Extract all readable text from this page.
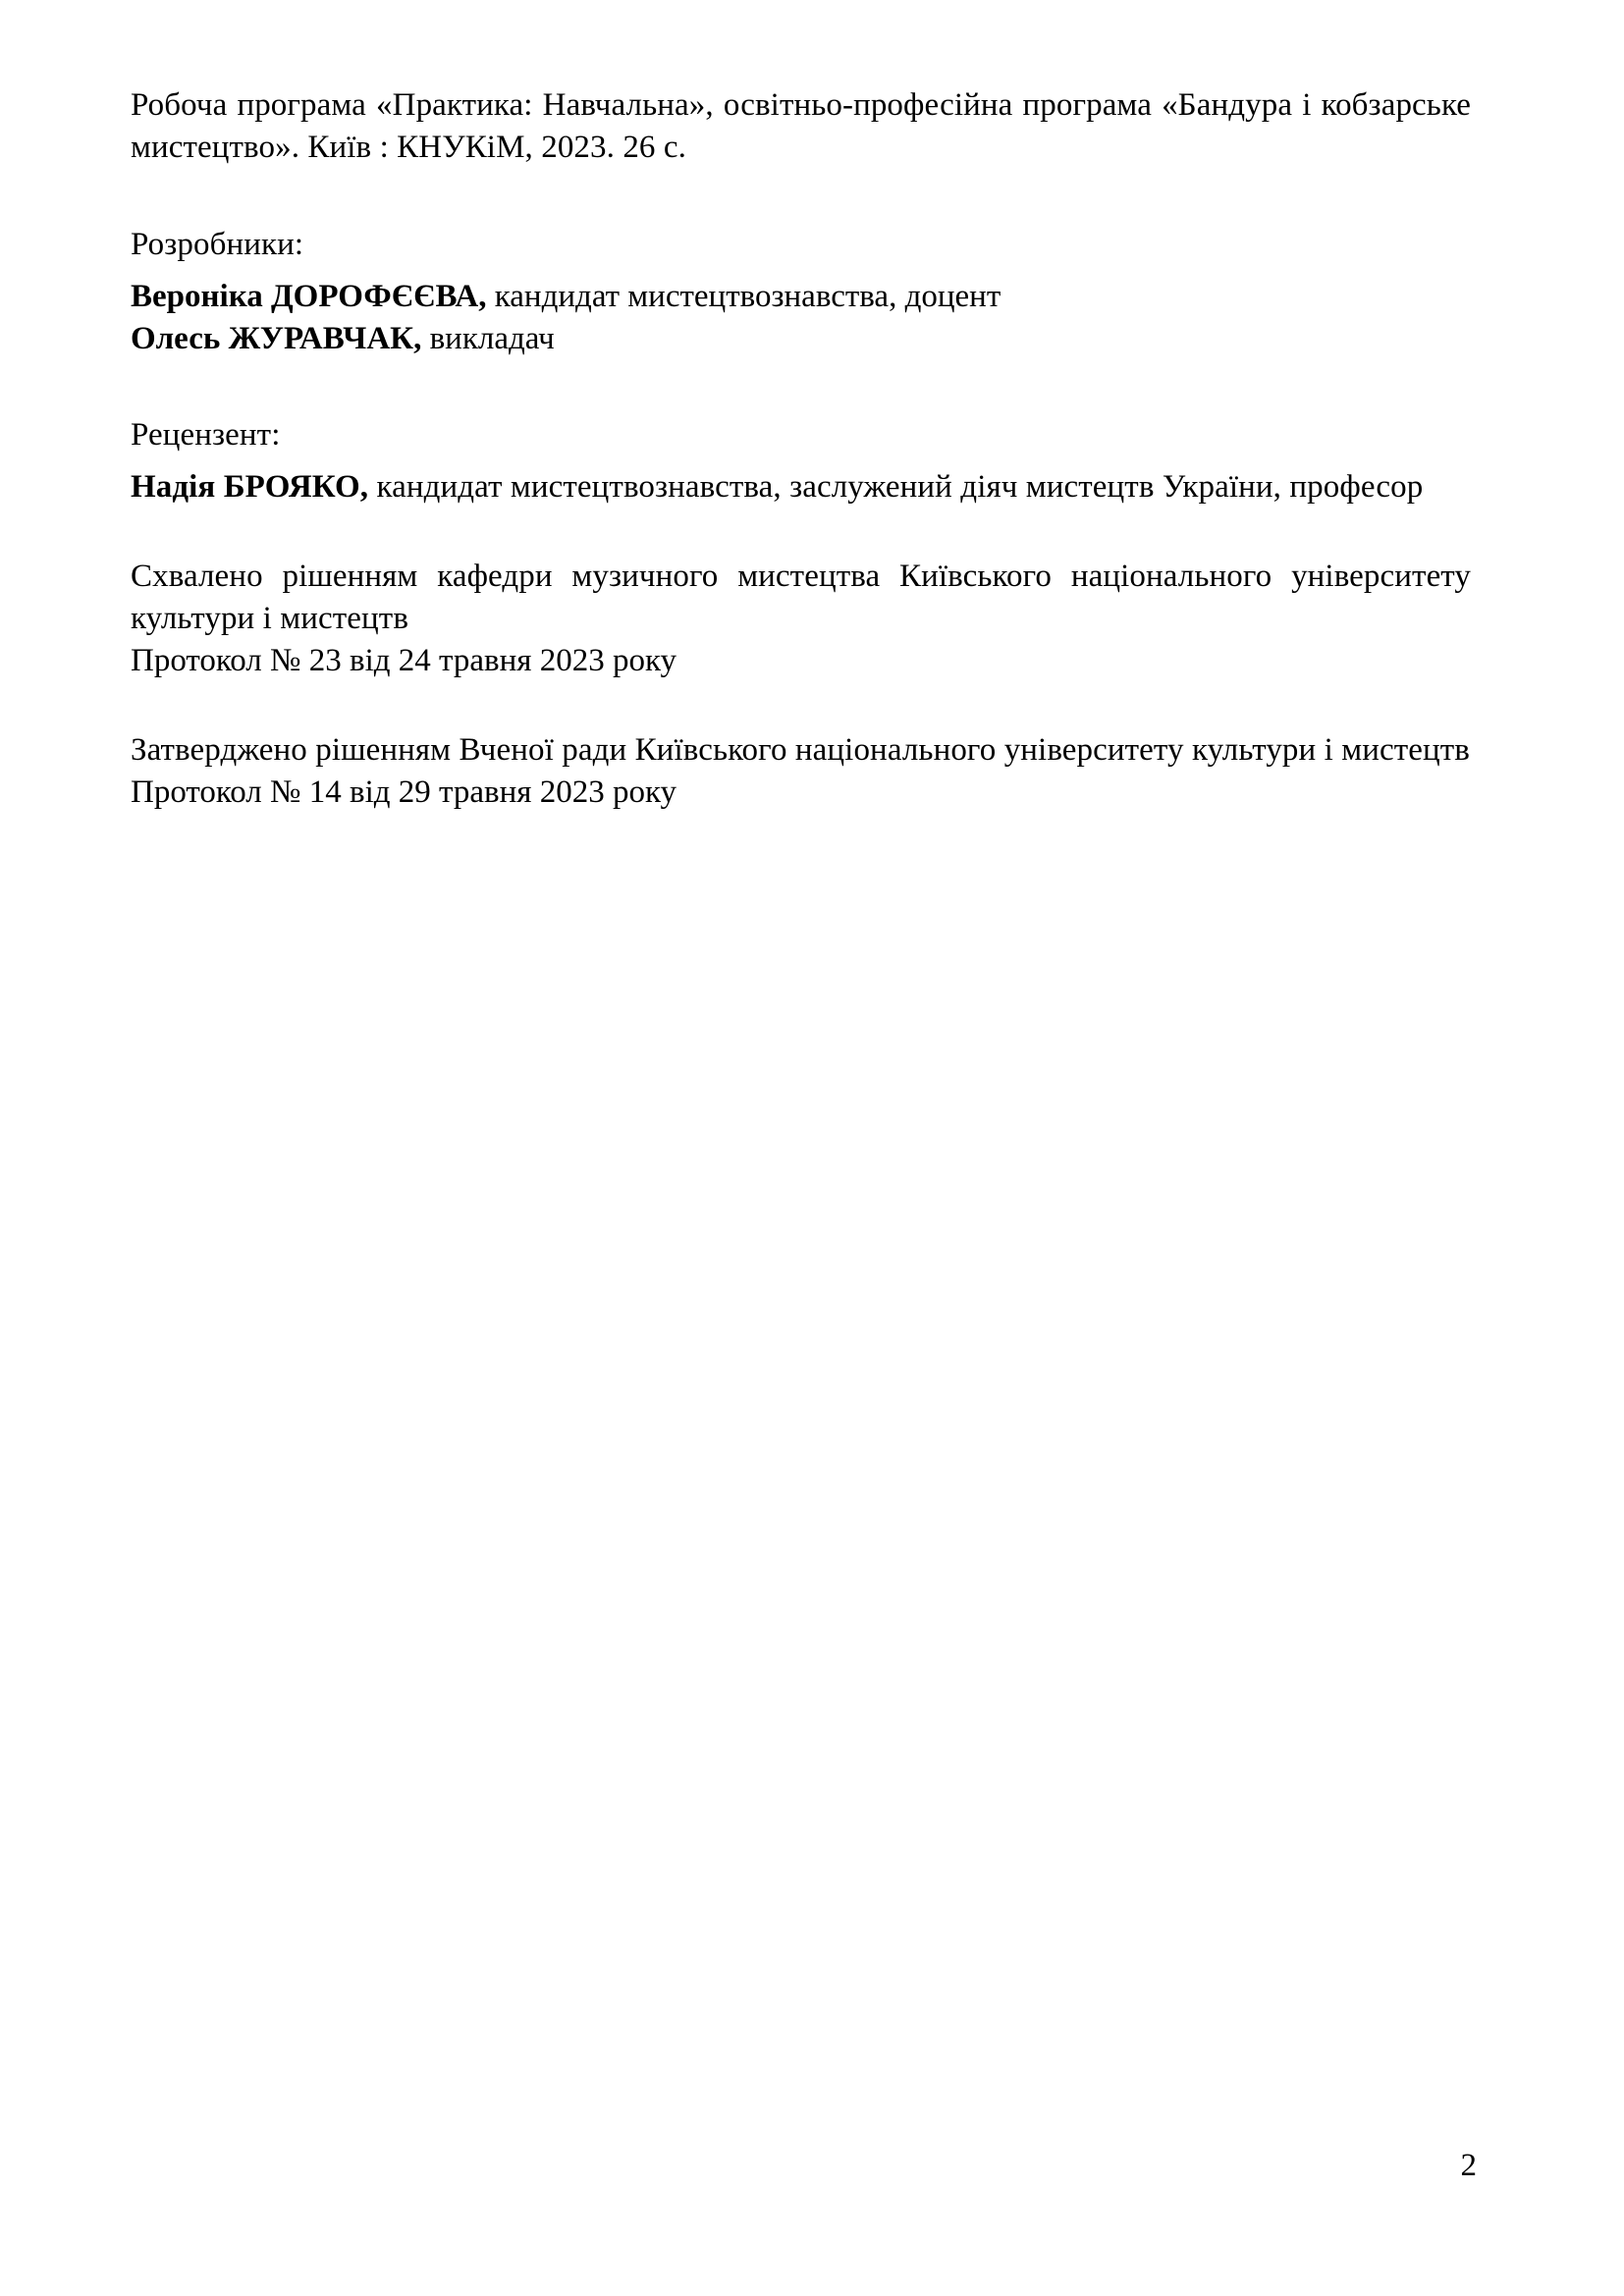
Робоча програма «Практика: Навчальна», освітньо-професійна програма «Бандура і кобзарське мистецтво». Київ : КНУКіМ, 2023. 26 с.

Розробники:

Вероніка ДОРОФЄЄВА, кандидат мистецтвознавства, доцент

Олесь ЖУРАВЧАК, викладач

Рецензент:

Надія БРОЯКО, кандидат мистецтвознавства, заслужений діяч мистецтв України, професор

Схвалено рішенням кафедри музичного мистецтва Київського національного університету культури і мистецтв

Протокол № 23 від 24 травня 2023 року

Затверджено рішенням Вченої ради Київського національного університету культури і мистецтв

Протокол № 14 від 29 травня 2023 року

2
